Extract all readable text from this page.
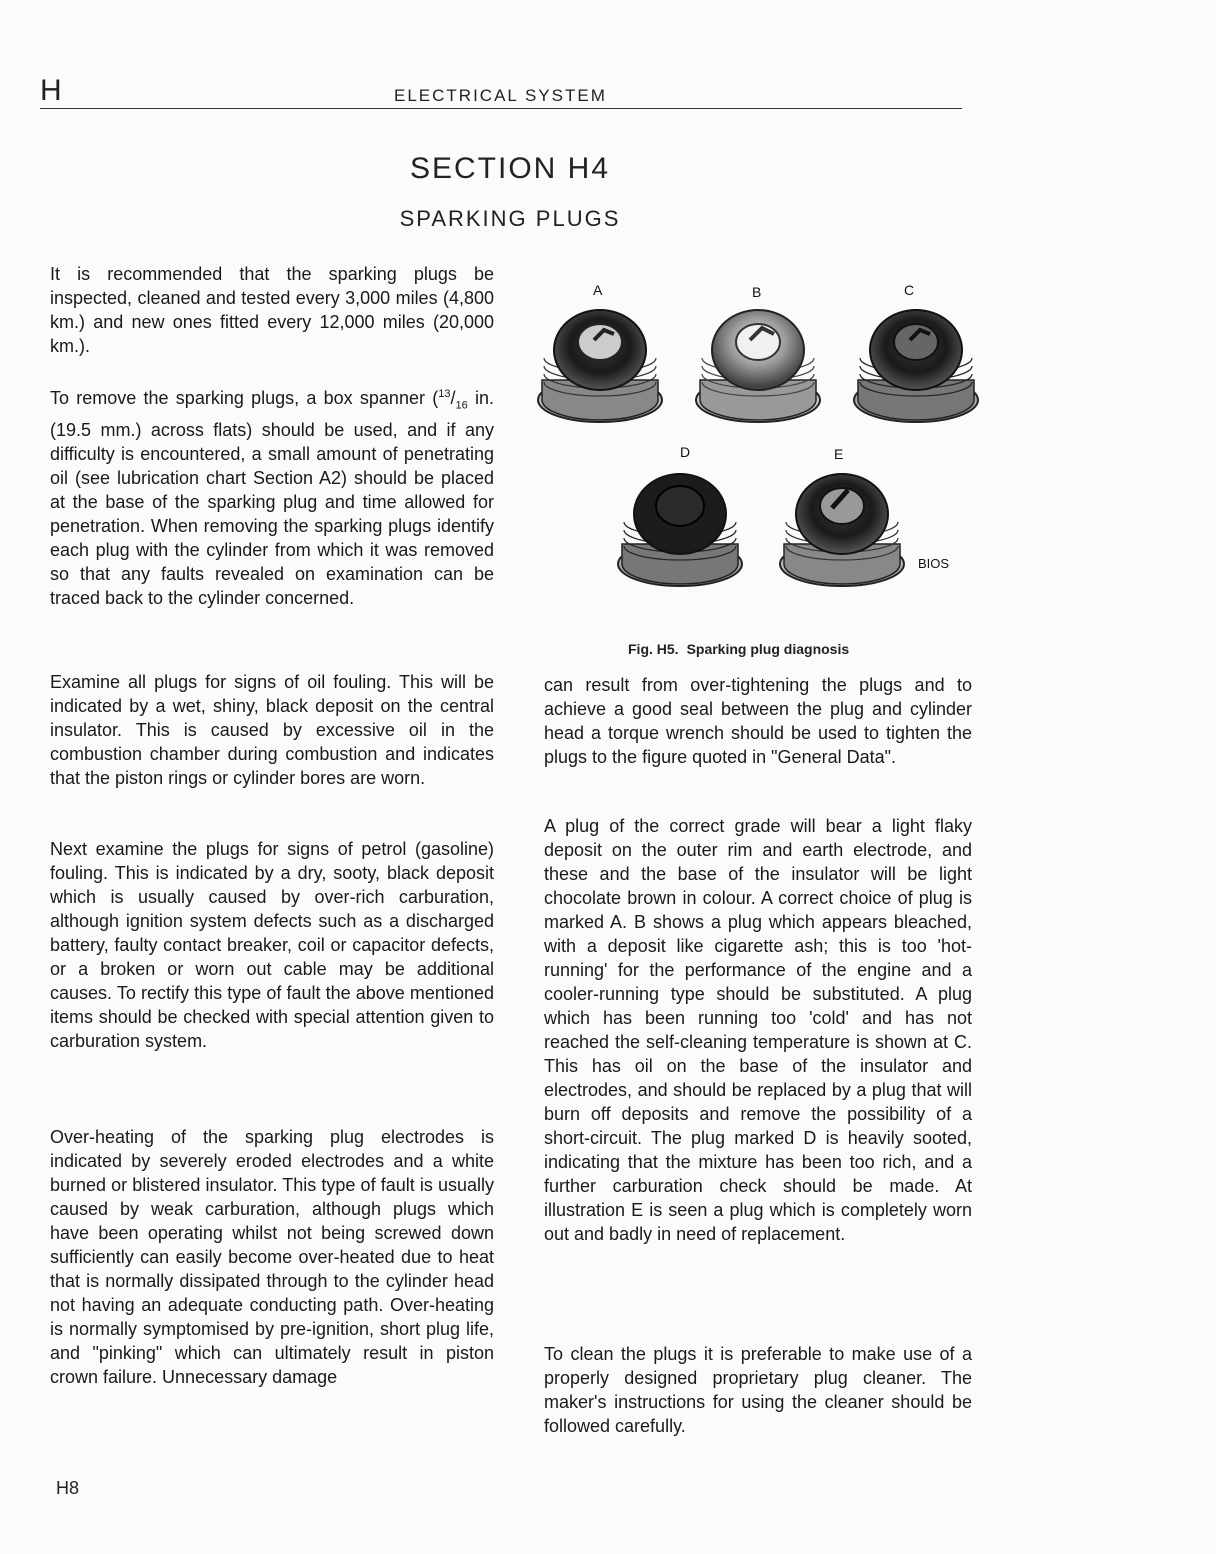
H	ELECTRICAL SYSTEM
SECTION H4
SPARKING PLUGS

It is recommended that the sparking plugs be inspected, cleaned and tested every 3,000 miles (4,800 km.) and new ones fitted every 12,000 miles (20,000 km.).

To remove the sparking plugs, a box spanner ($^{13}/_{16}$ in. (19.5 mm.) across flats) should be used, and if any difficulty is encountered, a small amount of penetrating oil (see lubrication chart Section A2) should be placed at the base of the sparking plug and time allowed for penetration. When removing the sparking plugs identify each plug with the cylinder from which it was removed so that any faults revealed on examination can be traced back to the cylinder concerned.

Examine all plugs for signs of oil fouling. This will be indicated by a wet, shiny, black deposit on the central insulator. This is caused by excessive oil in the combustion chamber during combustion and indicates that the piston rings or cylinder bores are worn.

Next examine the plugs for signs of petrol (gasoline) fouling. This is indicated by a dry, sooty, black deposit which is usually caused by over-rich carburation, although ignition system defects such as a discharged battery, faulty contact breaker, coil or capacitor defects, or a broken or worn out cable may be additional causes. To rectify this type of fault the above mentioned items should be checked with special attention given to carburation system.

Over-heating of the sparking plug electrodes is indicated by severely eroded electrodes and a white burned or blistered insulator. This type of fault is usually caused by weak carburation, although plugs which have been operating whilst not being screwed down sufficiently can easily become over-heated due to heat that is normally dissipated through to the cylinder head not having an adequate conducting path. Over-heating is normally symptomised by pre-ignition, short plug life, and "pinking" which can ultimately result in piston crown failure. Unnecessary damage

A	B	C
D	E
BIOS
Fig. H5. Sparking plug diagnosis

can result from over-tightening the plugs and to achieve a good seal between the plug and cylinder head a torque wrench should be used to tighten the plugs to the figure quoted in "General Data".

A plug of the correct grade will bear a light flaky deposit on the outer rim and earth electrode, and these and the base of the insulator will be light chocolate brown in colour. A correct choice of plug is marked A. B shows a plug which appears bleached, with a deposit like cigarette ash; this is too 'hot-running' for the performance of the engine and a cooler-running type should be substituted. A plug which has been running too 'cold' and has not reached the self-cleaning temperature is shown at C. This has oil on the base of the insulator and electrodes, and should be replaced by a plug that will burn off deposits and remove the possibility of a short-circuit. The plug marked D is heavily sooted, indicating that the mixture has been too rich, and a further carburation check should be made. At illustration E is seen a plug which is completely worn out and badly in need of replacement.

To clean the plugs it is preferable to make use of a properly designed proprietary plug cleaner. The maker's instructions for using the cleaner should be followed carefully.

H8
